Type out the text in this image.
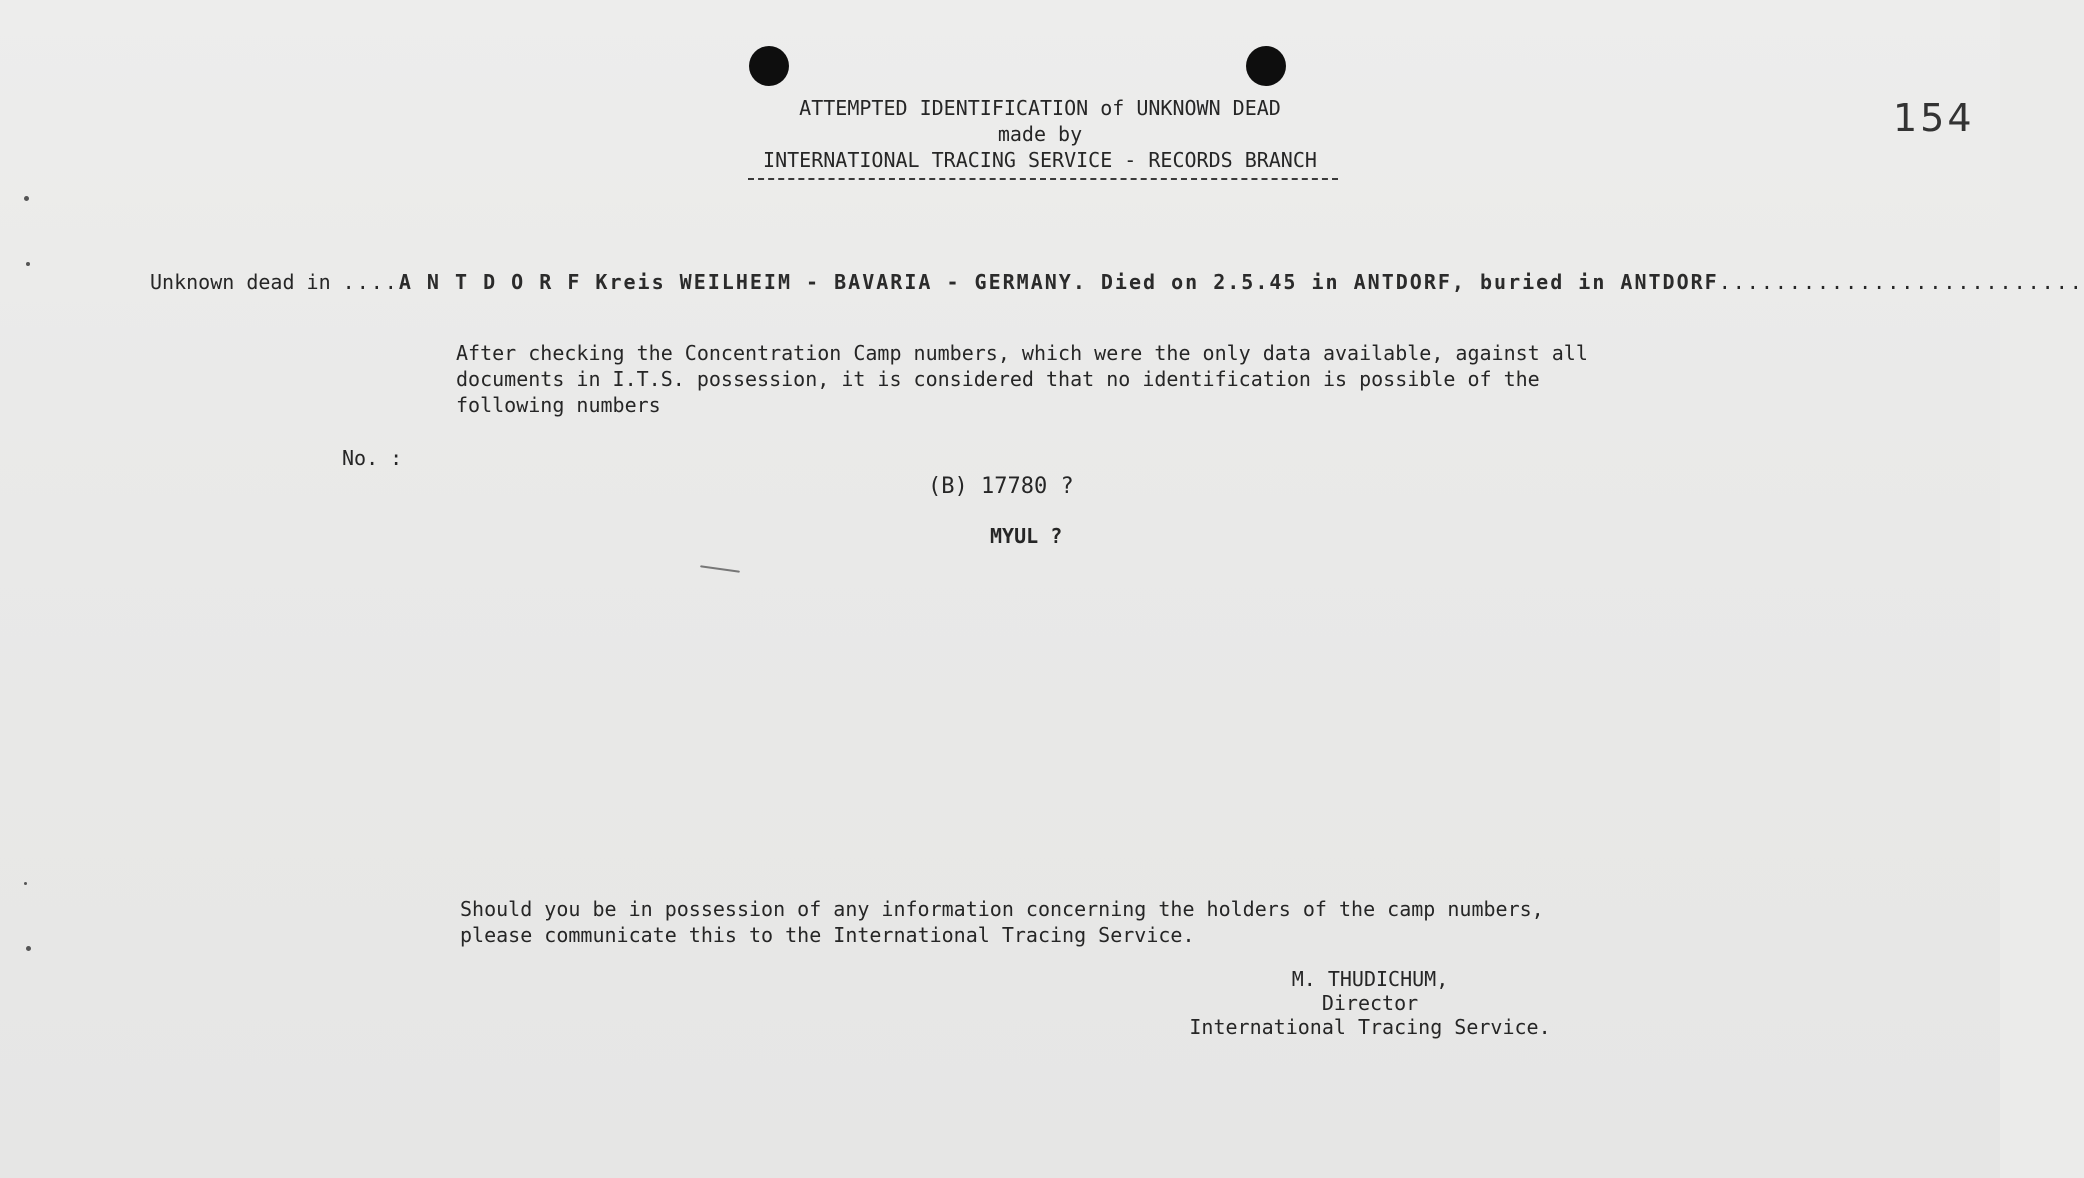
ATTEMPTED IDENTIFICATION of UNKNOWN DEAD
made by
INTERNATIONAL TRACING SERVICE - RECORDS BRANCH
154
Unknown dead in ....A N T D O R F Kreis WEILHEIM - BAVARIA - GERMANY. Died on 2.5.45 in ANTDORF, buried in ANTDORF..........................
After checking the Concentration Camp numbers, which were the only data available, against all
documents in I.T.S. possession, it is considered that no identification is possible of the
following numbers
No. :
(B) 17780 ?
MYUL ?
Should you be in possession of any information concerning the holders of the camp numbers,
please communicate this to the International Tracing Service.
M. THUDICHUM,
Director
International Tracing Service.
